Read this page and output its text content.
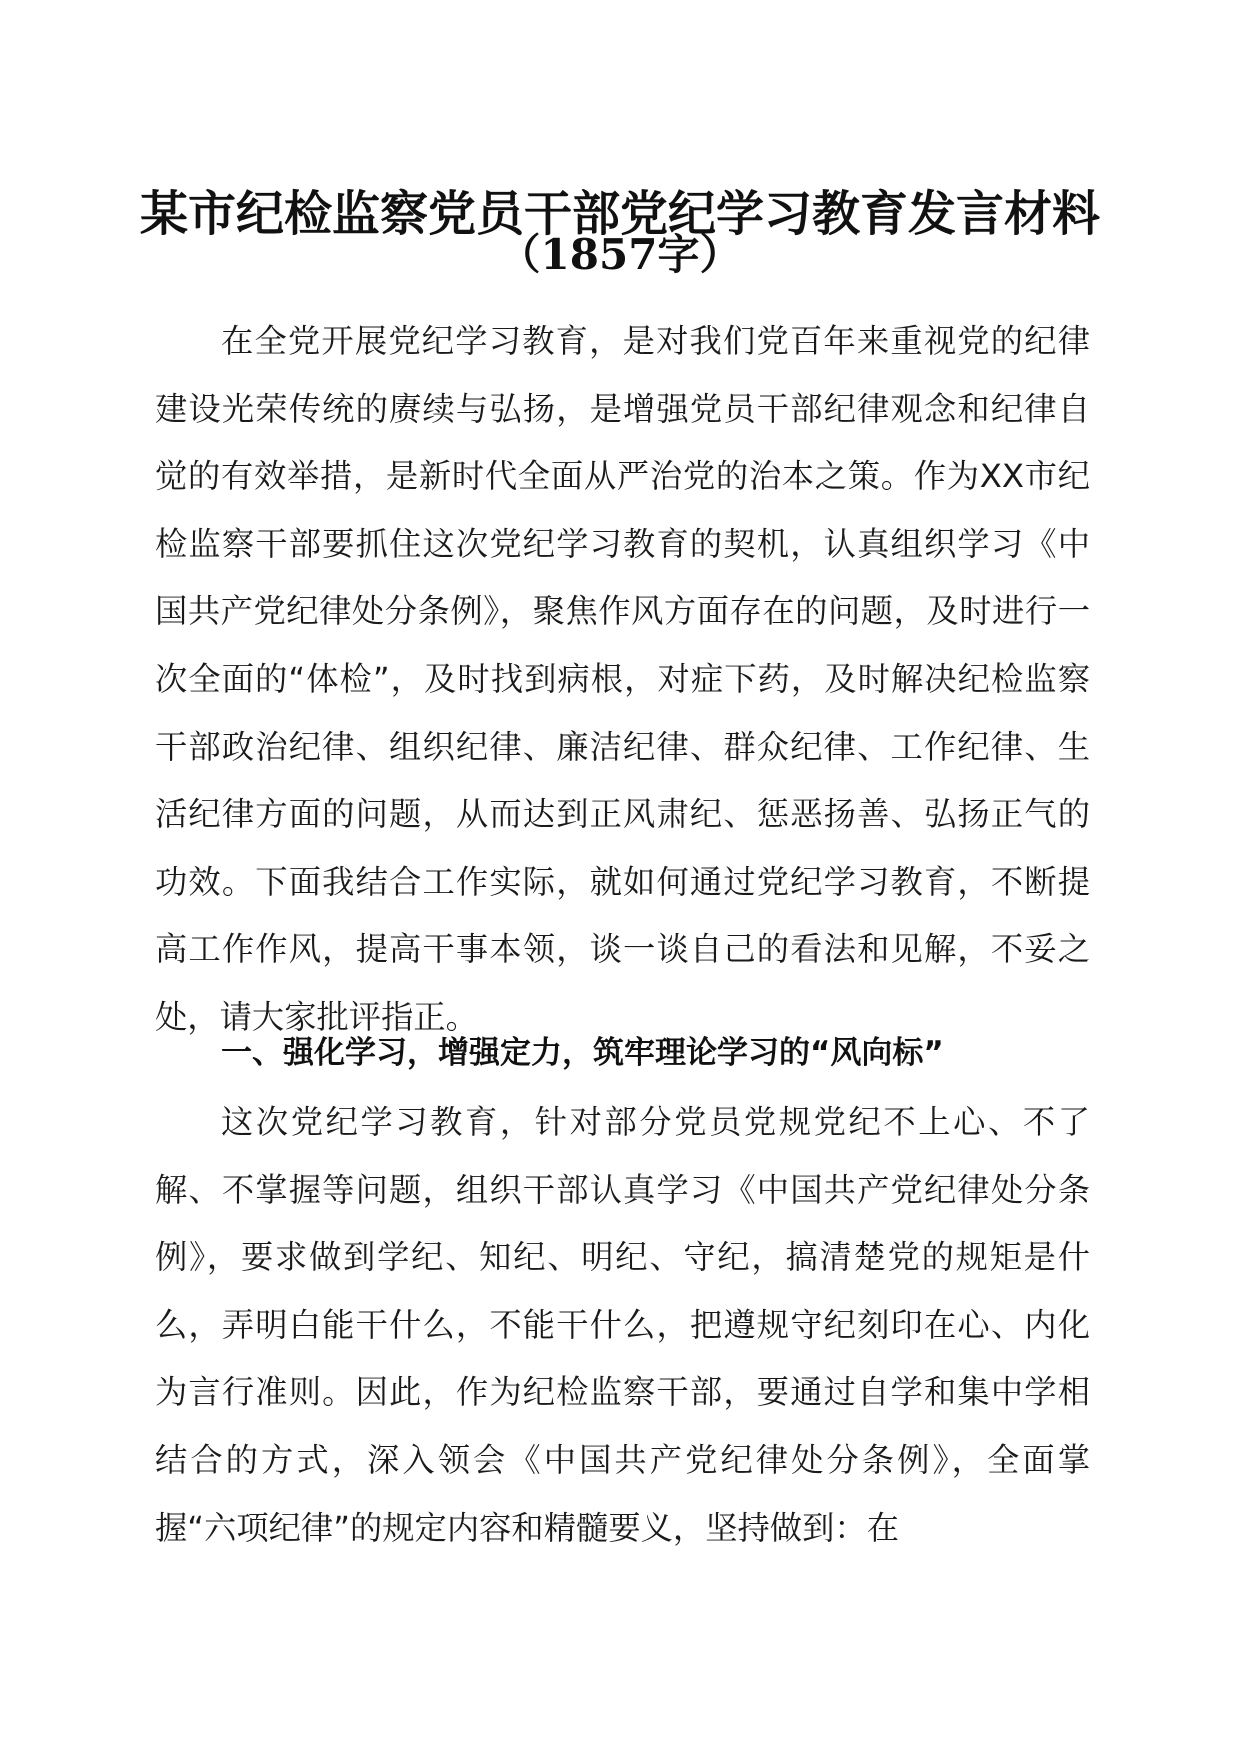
某市纪检监察党员干部党纪学习教育发言材料
（1857字）

在全党开展党纪学习教育，是对我们党百年来重视党的纪律建设光荣传统的赓续与弘扬，是增强党员干部纪律观念和纪律自觉的有效举措，是新时代全面从严治党的治本之策。作为XX市纪检监察干部要抓住这次党纪学习教育的契机，认真组织学习《中国共产党纪律处分条例》，聚焦作风方面存在的问题，及时进行一次全面的“体检”，及时找到病根，对症下药，及时解决纪检监察干部政治纪律、组织纪律、廉洁纪律、群众纪律、工作纪律、生活纪律方面的问题，从而达到正风肃纪、惩恶扬善、弘扬正气的功效。下面我结合工作实际，就如何通过党纪学习教育，不断提高工作作风，提高干事本领，谈一谈自己的看法和见解，不妥之处，请大家批评指正。

一、强化学习，增强定力，筑牢理论学习的“风向标”

这次党纪学习教育，针对部分党员党规党纪不上心、不了解、不掌握等问题，组织干部认真学习《中国共产党纪律处分条例》，要求做到学纪、知纪、明纪、守纪，搞清楚党的规矩是什么，弄明白能干什么，不能干什么，把遵规守纪刻印在心、内化为言行准则。因此，作为纪检监察干部，要通过自学和集中学相结合的方式，深入领会《中国共产党纪律处分条例》，全面掌握“六项纪律”的规定内容和精髓要义，坚持做到：在
